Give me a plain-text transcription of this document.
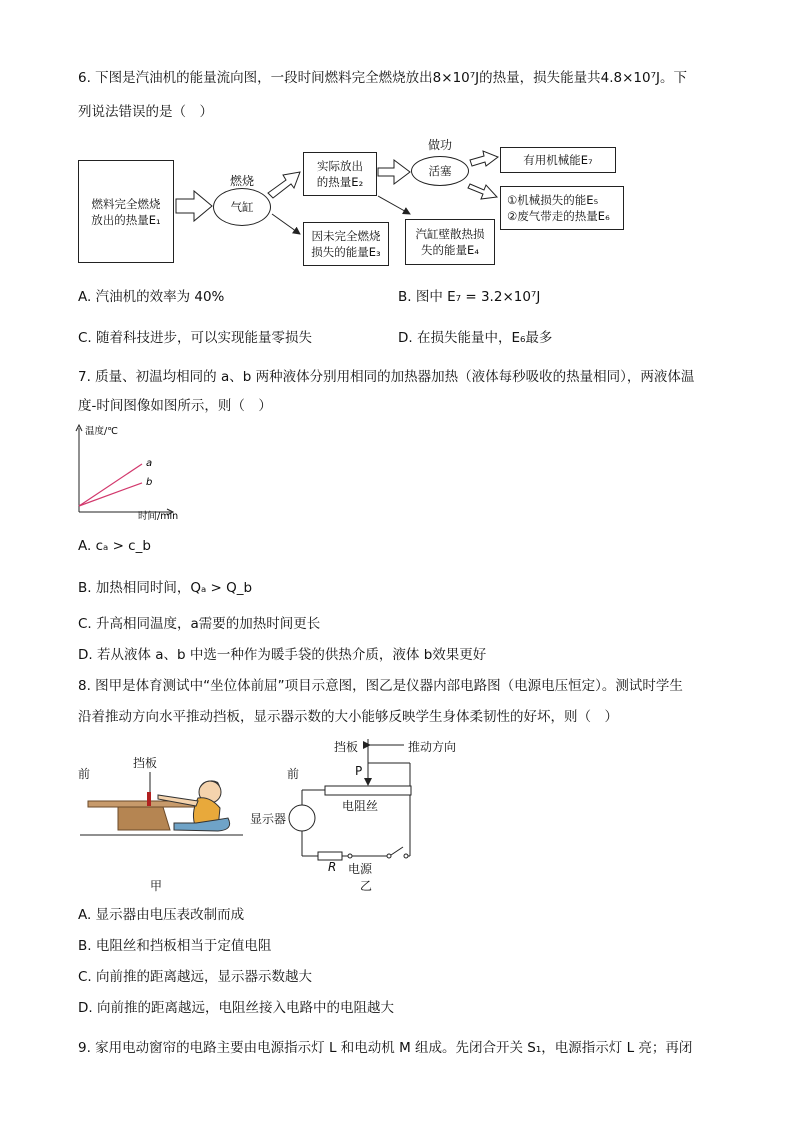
6. 下图是汽油机的能量流向图，一段时间燃料完全燃烧放出8×10⁷J的热量，损失能量共4.8×10⁷J。下
列说法错误的是（　）
燃料完全燃烧
放出的热量E₁
燃烧
气缸
实际放出
的热量E₂
因未完全燃烧
损失的能量E₃
做功
活塞
汽缸壁散热损
失的能量E₄
有用机械能E₇
①机械损失的能E₅
②废气带走的热量E₆
A. 汽油机的效率为 40%	B. 图中 E₇ = 3.2×10⁷J
C. 随着科技进步，可以实现能量零损失	D. 在损失能量中，E₆最多
7. 质量、初温均相同的 a、b 两种液体分别用相同的加热器加热（液体每秒吸收的热量相同），两液体温
度-时间图像如图所示，则（　）
温度/℃
时间/min
a
b
A. cₐ > c_b
B. 加热相同时间，Qₐ > Q_b
C. 升高相同温度，a需要的加热时间更长
D. 若从液体 a、b 中选一种作为暖手袋的供热介质，液体 b效果更好
8. 图甲是体育测试中“坐位体前屈”项目示意图，图乙是仪器内部电路图（电源电压恒定）。测试时学生
沿着推动方向水平推动挡板，显示器示数的大小能够反映学生身体柔韧性的好坏，则（　）
前
挡板
甲
挡板	推动方向
前	P
电阻丝
显示器
R 电源
乙
A. 显示器由电压表改制而成
B. 电阻丝和挡板相当于定值电阻
C. 向前推的距离越远，显示器示数越大
D. 向前推的距离越远，电阻丝接入电路中的电阻越大
9. 家用电动窗帘的电路主要由电源指示灯 L 和电动机 M 组成。先闭合开关 S₁，电源指示灯 L 亮；再闭
